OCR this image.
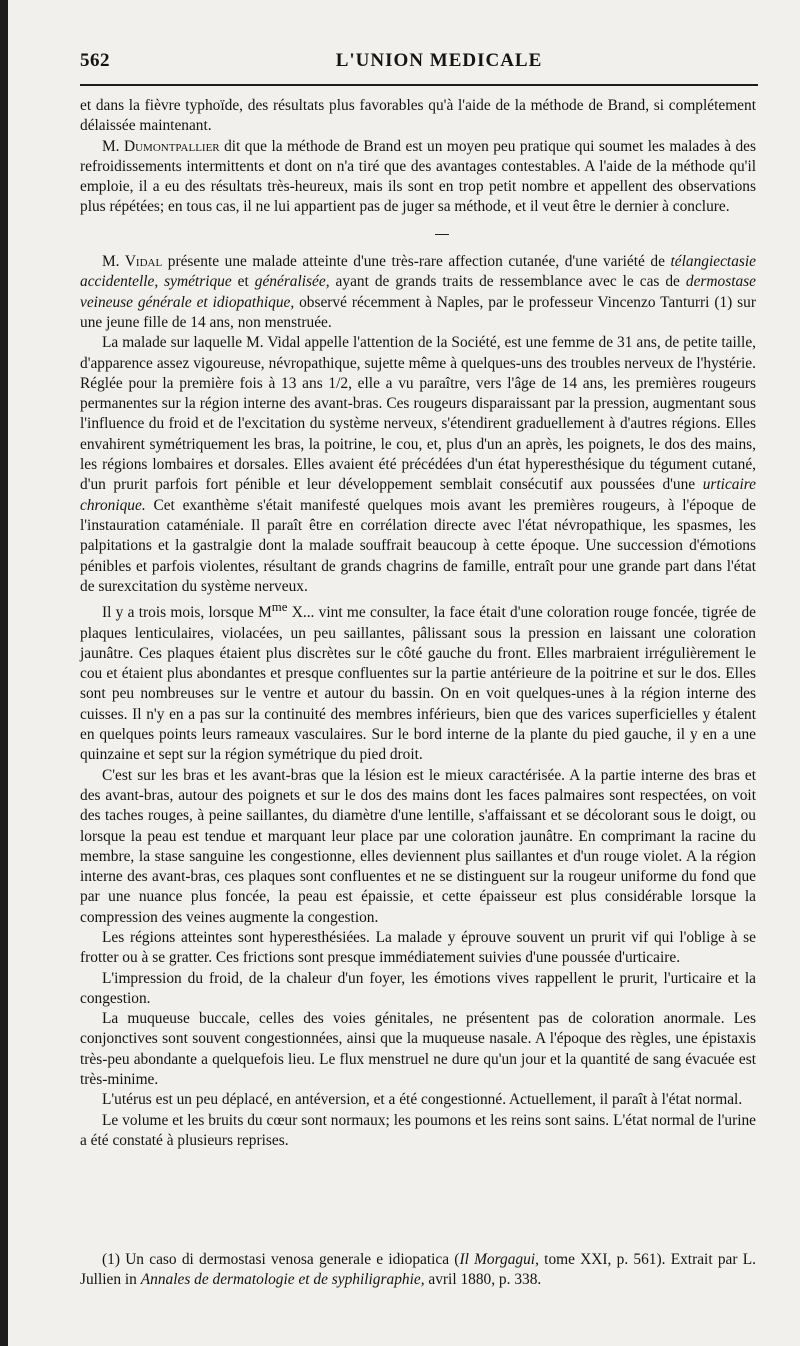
562	L'UNION MEDICALE

et dans la fièvre typhoïde, des résultats plus favorables qu'à l'aide de la méthode de Brand, si complétement délaissée maintenant.

M. Dumontpallier dit que la méthode de Brand est un moyen peu pratique qui soumet les malades à des refroidissements intermittents et dont on n'a tiré que des avantages contestables. A l'aide de la méthode qu'il emploie, il a eu des résultats très-heureux, mais ils sont en trop petit nombre et appellent des observations plus répétées; en tous cas, il ne lui appartient pas de juger sa méthode, et il veut être le dernier à conclure.

M. Vidal présente une malade atteinte d'une très-rare affection cutanée, d'une variété de télangiectasie accidentelle, symétrique et généralisée, ayant de grands traits de ressemblance avec le cas de dermostase veineuse générale et idiopathique, observé récemment à Naples, par le professeur Vincenzo Tanturri (1) sur une jeune fille de 14 ans, non menstruée.

La malade sur laquelle M. Vidal appelle l'attention de la Société, est une femme de 31 ans, de petite taille, d'apparence assez vigoureuse, névropathique, sujette même à quelques-uns des troubles nerveux de l'hystérie. Réglée pour la première fois à 13 ans 1/2, elle a vu paraître, vers l'âge de 14 ans, les premières rougeurs permanentes sur la région interne des avant-bras. Ces rougeurs disparaissant par la pression, augmentant sous l'influence du froid et de l'excitation du système nerveux, s'étendirent graduellement à d'autres régions. Elles envahirent symétriquement les bras, la poitrine, le cou, et, plus d'un an après, les poignets, le dos des mains, les régions lombaires et dorsales. Elles avaient été précédées d'un état hyperesthésique du tégument cutané, d'un prurit parfois fort pénible et leur développement semblait consécutif aux poussées d'une urticaire chronique. Cet exanthème s'était manifesté quelques mois avant les premières rougeurs, à l'époque de l'instauration cataméniale. Il paraît être en corrélation directe avec l'état névropathique, les spasmes, les palpitations et la gastralgie dont la malade souffrait beaucoup à cette époque. Une succession d'émotions pénibles et parfois violentes, résultant de grands chagrins de famille, entraît pour une grande part dans l'état de surexcitation du système nerveux.

Il y a trois mois, lorsque $M^{me}$ X... vint me consulter, la face était d'une coloration rouge foncée, tigrée de plaques lenticulaires, violacées, un peu saillantes, pâlissant sous la pression en laissant une coloration jaunâtre. Ces plaques étaient plus discrètes sur le côté gauche du front. Elles marbraient irrégulièrement le cou et étaient plus abondantes et presque confluentes sur la partie antérieure de la poitrine et sur le dos. Elles sont peu nombreuses sur le ventre et autour du bassin. On en voit quelques-unes à la région interne des cuisses. Il n'y en a pas sur la continuité des membres inférieurs, bien que des varices superficielles y étalent en quelques points leurs rameaux vasculaires. Sur le bord interne de la plante du pied gauche, il y en a une quinzaine et sept sur la région symétrique du pied droit.

C'est sur les bras et les avant-bras que la lésion est le mieux caractérisée. A la partie interne des bras et des avant-bras, autour des poignets et sur le dos des mains dont les faces palmaires sont respectées, on voit des taches rouges, à peine saillantes, du diamètre d'une lentille, s'affaissant et se décolorant sous le doigt, ou lorsque la peau est tendue et marquant leur place par une coloration jaunâtre. En comprimant la racine du membre, la stase sanguine les congestionne, elles deviennent plus saillantes et d'un rouge violet. A la région interne des avant-bras, ces plaques sont confluentes et ne se distinguent sur la rougeur uniforme du fond que par une nuance plus foncée, la peau est épaissie, et cette épaisseur est plus considérable lorsque la compression des veines augmente la congestion.

Les régions atteintes sont hyperesthésiées. La malade y éprouve souvent un prurit vif qui l'oblige à se frotter ou à se gratter. Ces frictions sont presque immédiatement suivies d'une poussée d'urticaire.

L'impression du froid, de la chaleur d'un foyer, les émotions vives rappellent le prurit, l'urticaire et la congestion.

La muqueuse buccale, celles des voies génitales, ne présentent pas de coloration anormale. Les conjonctives sont souvent congestionnées, ainsi que la muqueuse nasale. A l'époque des règles, une épistaxis très-peu abondante a quelquefois lieu. Le flux menstruel ne dure qu'un jour et la quantité de sang évacuée est très-minime.

L'utérus est un peu déplacé, en antéversion, et a été congestionné. Actuellement, il paraît à l'état normal.

Le volume et les bruits du cœur sont normaux; les poumons et les reins sont sains. L'état normal de l'urine a été constaté à plusieurs reprises.

(1) Un caso di dermostasi venosa generale e idiopatica (Il Morgagui, tome XXI, p. 561). Extrait par L. Jullien in Annales de dermatologie et de syphiligraphie, avril 1880, p. 338.
